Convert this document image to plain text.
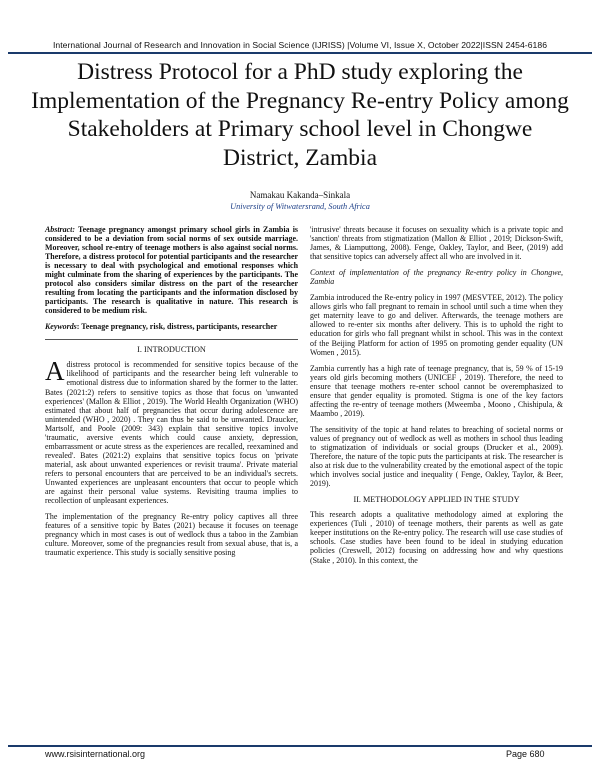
International Journal of Research and Innovation in Social Science (IJRISS) |Volume VI, Issue X, October 2022|ISSN 2454-6186
Distress Protocol for a PhD study exploring the Implementation of the Pregnancy Re-entry Policy among Stakeholders at Primary school level in Chongwe District, Zambia
Namakau Kakanda–Sinkala
University of Witwatersrand, South Africa

Abstract: Teenage pregnancy amongst primary school girls in Zambia is considered to be a deviation from social norms of sex outside marriage. Moreover, school re-entry of teenage mothers is also against social norms. Therefore, a distress protocol for potential participants and the researcher is necessary to deal with psychological and emotional responses which might culminate from the sharing of experiences by the participants. The protocol also considers similar distress on the part of the researcher resulting from locating the participants and the information disclosed by participants. The research is qualitative in nature. This research is considered to be medium risk.

Keywords: Teenage pregnancy, risk, distress, participants, researcher

I. INTRODUCTION

A distress protocol is recommended for sensitive topics because of the likelihood of participants and the researcher being left vulnerable to emotional distress due to information shared by the former to the latter. Bates (2021:2) refers to sensitive topics as those that focus on 'unwanted experiences' (Mallon & Elliot , 2019). The World Health Organization (WHO) estimated that about half of pregnancies that occur during adolescence are unintended (WHO , 2020) . They can thus be said to be unwanted. Draucker, Martsolf, and Poole (2009: 343) explain that sensitive topics involve 'traumatic, aversive events which could cause anxiety, depression, embarrassment or acute stress as the experiences are recalled, reexamined and revealed'. Bates (2021:2) explains that sensitive topics focus on 'private material, ask about unwanted experiences or revisit trauma'. Private material refers to personal encounters that are perceived to be an individual's secrets. Unwanted experiences are unpleasant encounters that occur to people which are against their personal value systems. Revisiting trauma implies to recollection of unpleasant experiences.

The implementation of the pregnancy Re-entry policy captives all three features of a sensitive topic by Bates (2021) because it focuses on teenage pregnancy which in most cases is out of wedlock thus a taboo in the Zambian culture. Moreover, some of the pregnancies result from sexual abuse, that is, a traumatic experience. This study is socially sensitive posing

'intrusive' threats because it focuses on sexuality which is a private topic and 'sanction' threats from stigmatization (Mallon & Elliot , 2019; Dickson-Swift, James, & Liamputtong, 2008). Fenge, Oakley, Taylor, and Beer, (2019) add that sensitive topics can adversely affect all who are involved in it.

Context of implementation of the pregnancy Re-entry policy in Chongwe, Zambia

Zambia introduced the Re-entry policy in 1997 (MESVTEE, 2012). The policy allows girls who fall pregnant to remain in school until such a time when they get maternity leave to go and deliver. Afterwards, the teenage mothers are allowed to re-enter six months after delivery. This is to uphold the right to education for girls who fall pregnant whilst in school. This was in the context of the Beijing Platform for action of 1995 on promoting gender equality (UN Women , 2015).

Zambia currently has a high rate of teenage pregnancy, that is, 59 % of 15-19 years old girls becoming mothers (UNICEF , 2019). Therefore, the need to ensure that teenage mothers re-enter school cannot be overemphasized to ensure that gender equality is promoted. Stigma is one of the key factors affecting the re-entry of teenage mothers (Mweemba , Moono , Chishipula, & Maambo , 2019).

The sensitivity of the topic at hand relates to breaching of societal norms or values of pregnancy out of wedlock as well as mothers in school thus leading to stigmatization of individuals or social groups (Drucker et al., 2009). Therefore, the nature of the topic puts the participants at risk. The researcher is also at risk due to the vulnerability created by the emotional aspect of the topic which involves social justice and inequality ( Fenge, Oakley, Taylor, & Beer, 2019).

II. METHODOLOGY APPLIED IN THE STUDY

This research adopts a qualitative methodology aimed at exploring the experiences (Tuli , 2010) of teenage mothers, their parents as well as gate keeper institutions on the Re-entry policy. The research will use case studies of schools. Case studies have been found to be ideal in studying education policies (Creswell, 2012) focusing on addressing how and why questions (Stake , 2010). In this context, the

www.rsisinternational.org	Page 680
